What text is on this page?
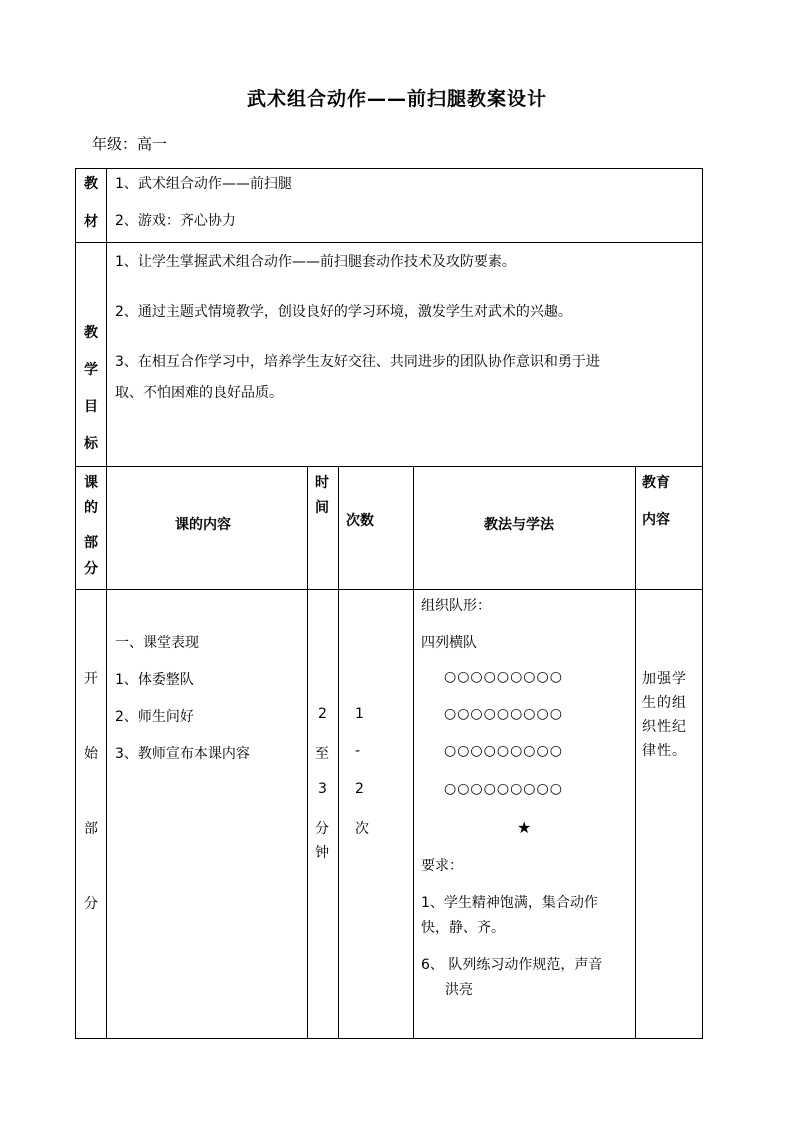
武术组合动作——前扫腿教案设计
年级：高一
教
材
1、武术组合动作——前扫腿
2、游戏：齐心协力
教
学
目
标
1、让学生掌握武术组合动作——前扫腿套动作技术及攻防要素。
2、通过主题式情境教学，创设良好的学习环境，激发学生对武术的兴趣。
3、在相互合作学习中，培养学生友好交往、共同进步的团队协作意识和勇于进
取、不怕困难的良好品质。
课
的
部
分
课的内容
时
间
次数	教法与学法
教育
内容
开
始
部
分
一、课堂表现
1、体委整队
2、师生问好
3、教师宣布本课内容
2
至
3
分
钟
1
-
2
次
组织队形：
四列横队
○○○○○○○○○
○○○○○○○○○
○○○○○○○○○
○○○○○○○○○
★
要求：
1、学生精神饱满，集合动作
快，静、齐。
6、 队列练习动作规范，声音
洪亮
加强学
生的组
织性纪
律性。
